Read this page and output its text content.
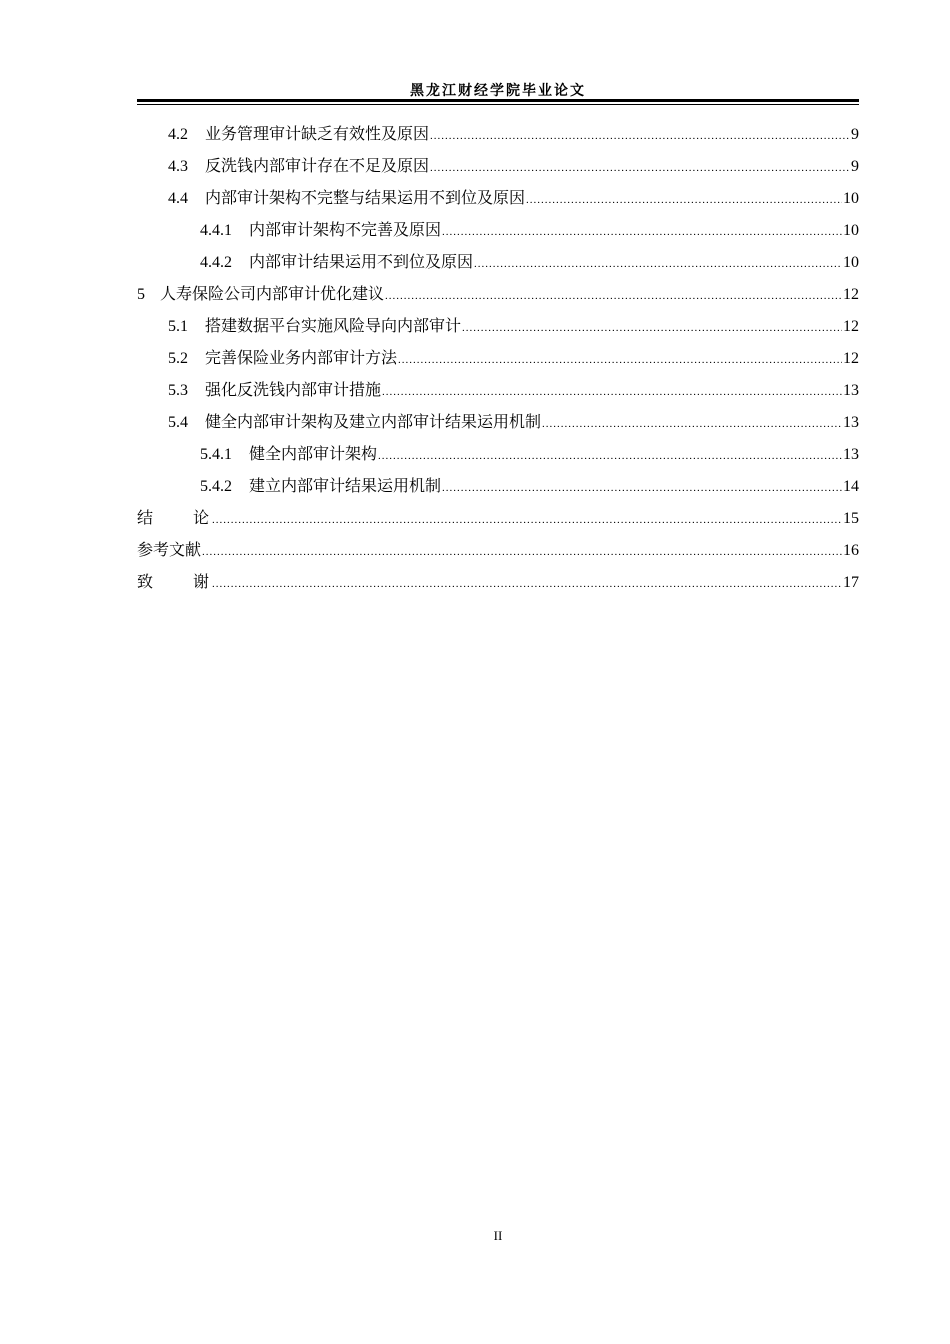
黑龙江财经学院毕业论文
4.2 业务管理审计缺乏有效性及原因 .....	9
4.3 反洗钱内部审计存在不足及原因 .....	9
4.4 内部审计架构不完整与结果运用不到位及原因 .....	10
4.4.1 内部审计架构不完善及原因 .....	10
4.4.2 内部审计结果运用不到位及原因 .....	10
5 人寿保险公司内部审计优化建议 .....	12
5.1 搭建数据平台实施风险导向内部审计 .....	12
5.2 完善保险业务内部审计方法 .....	12
5.3 强化反洗钱内部审计措施 .....	13
5.4 健全内部审计架构及建立内部审计结果运用机制 .....	13
5.4.1 健全内部审计架构 .....	13
5.4.2 建立内部审计结果运用机制 .....	14
结论 .....	15
参考文献 .....	16
致谢 .....	17
II
